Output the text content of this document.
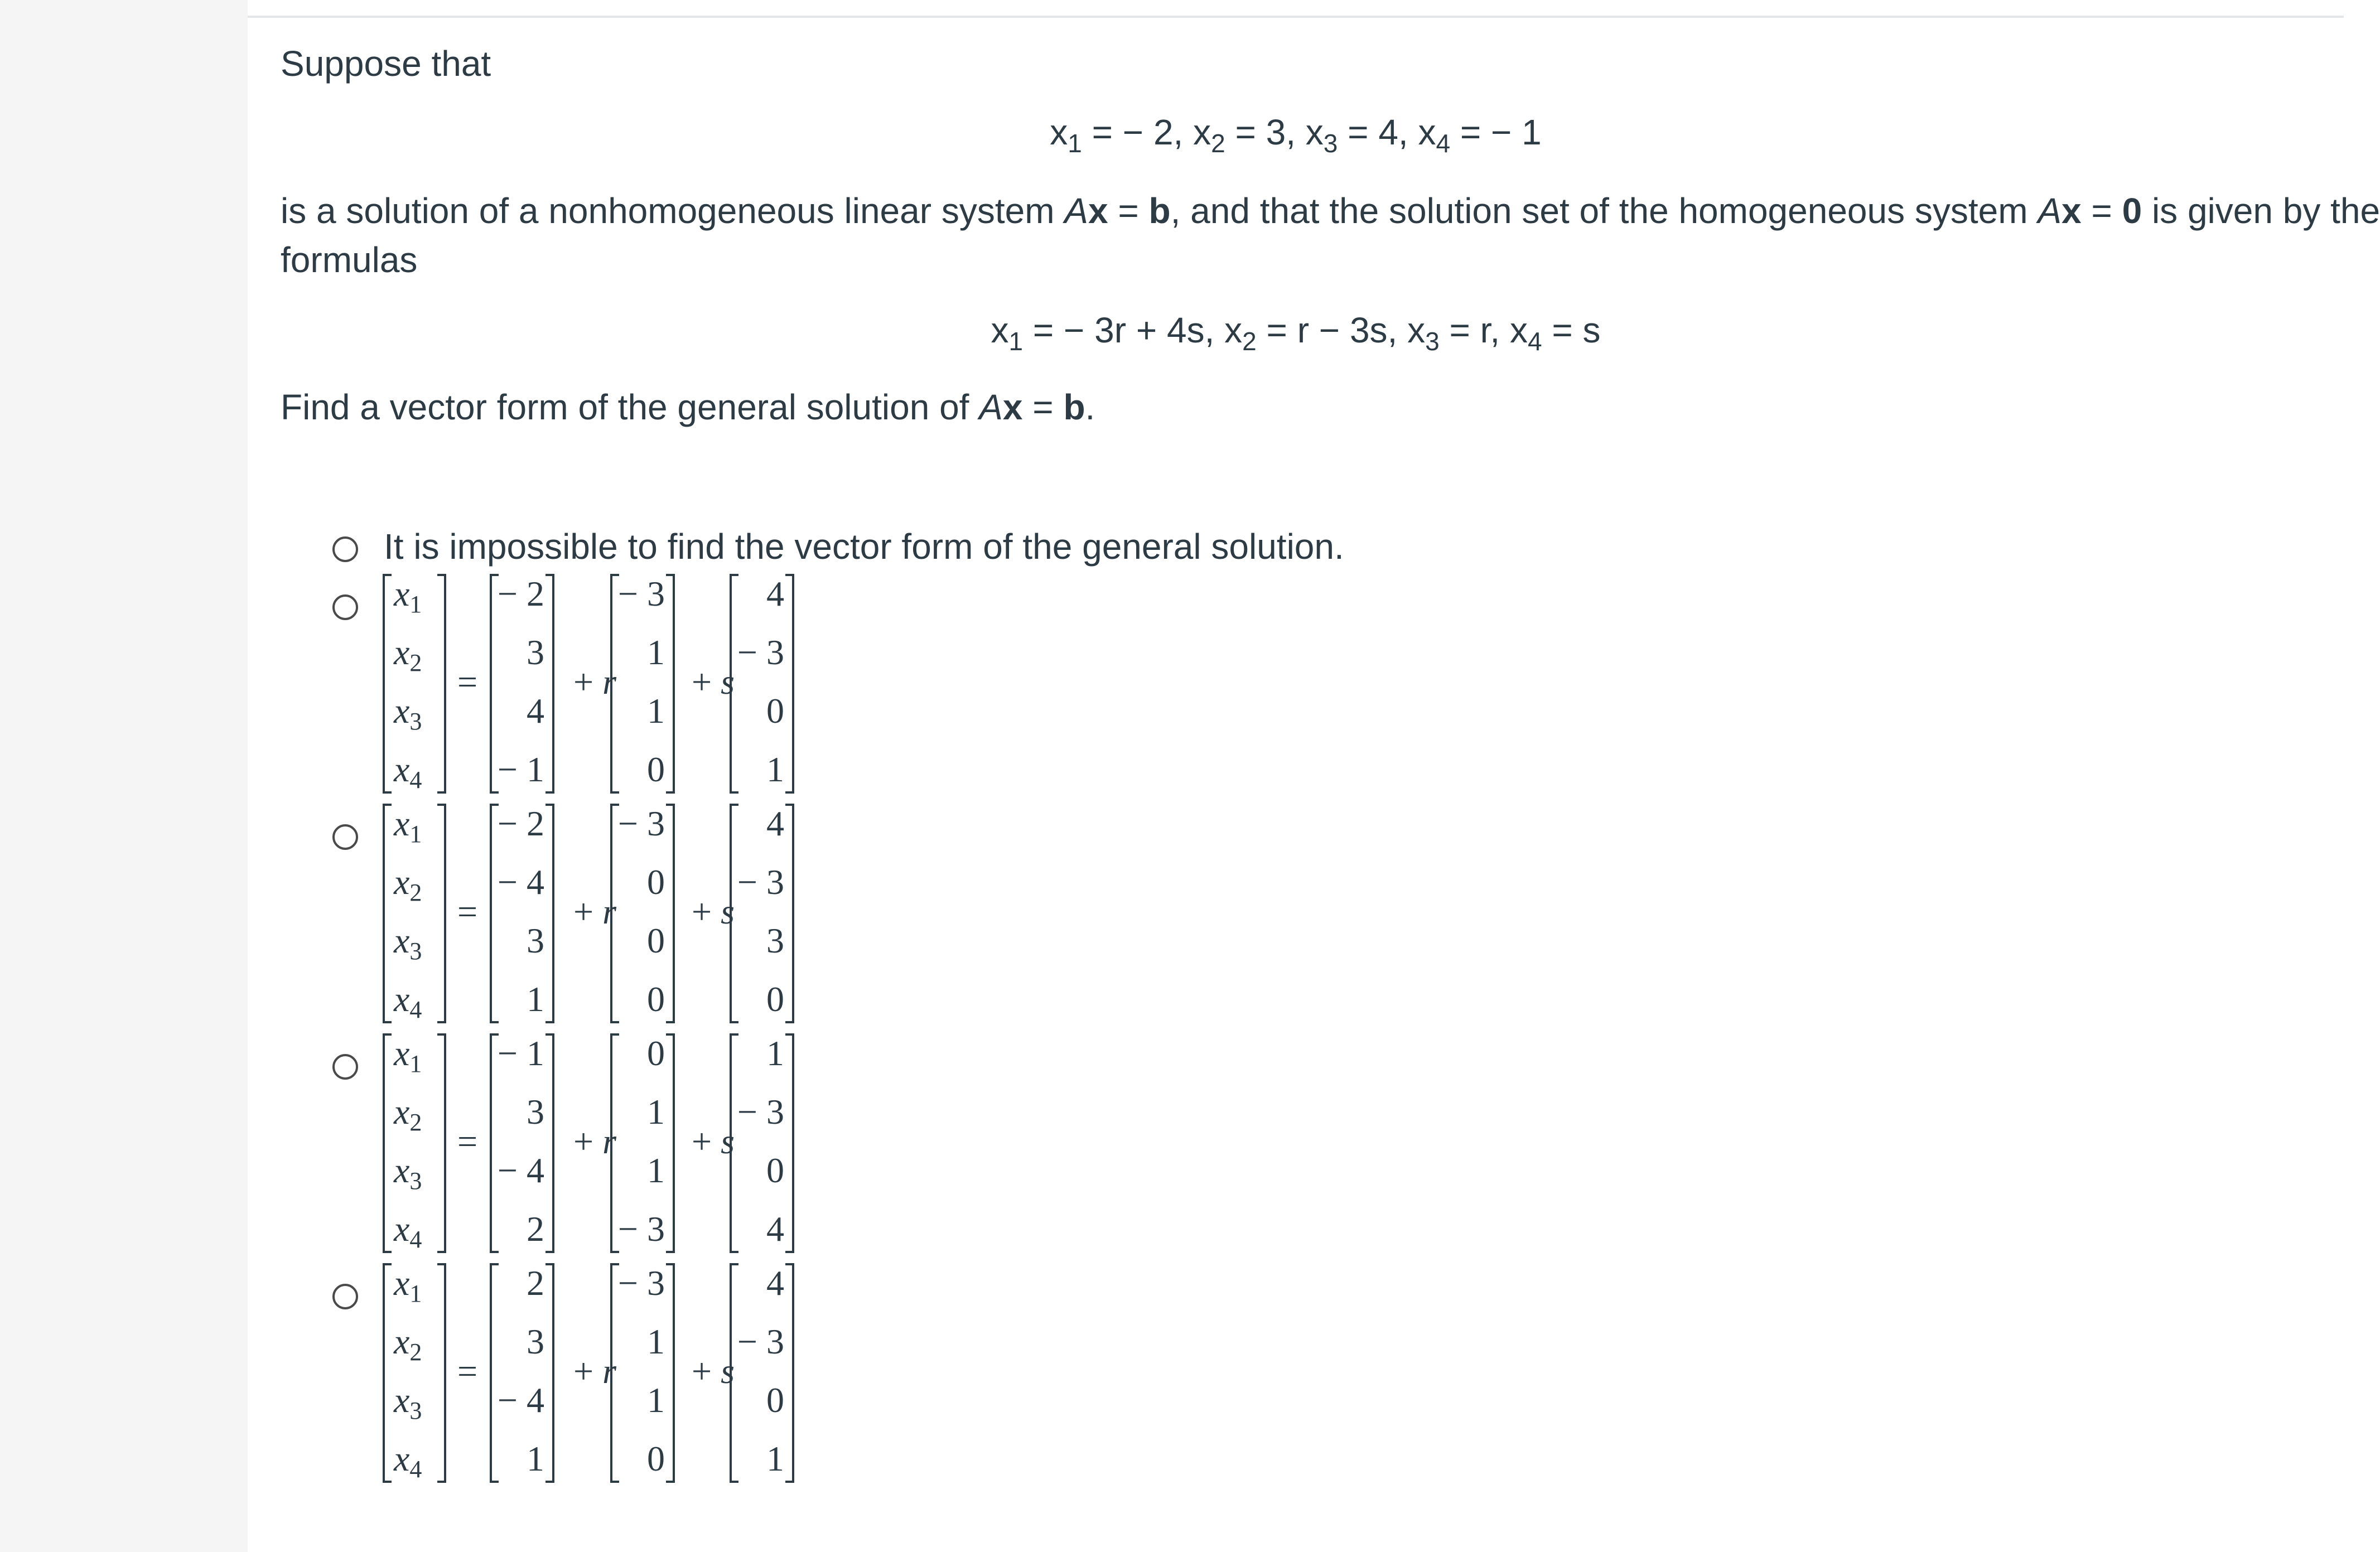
Suppose that

$x_1$ = − 2, $x_2 = 3$, $x_3 = 4$, $x_4$ = − 1

is a solution of a nonhomogeneous linear system Ax = b, and that the solution set of the homogeneous system Ax = 0 is given by the

formulas

$x_1$ = − 3r + 4s, $x_2 = r - 3s$, $x_3 = r$, $x_4 = s$

Find a vector form of the general solution of Ax = b.

It is impossible to find the vector form of the general solution.
x1
x2
x3
x4
=
− 2
3
4
− 1
+ r
− 3
1
1
0
+ s
4
− 3
0
1
x1
x2
x3
x4
=
− 2
− 4
3
1
+ r
− 3
0
0
0
+ s
4
− 3
3
0
x1
x2
x3
x4
=
− 1
3
− 4
2
+ r
0
1
1
− 3
+ s
1
− 3
0
4
x1
x2
x3
x4
=
2
3
− 4
1
+ r
− 3
1
1
0
+ s
4
− 3
0
1
